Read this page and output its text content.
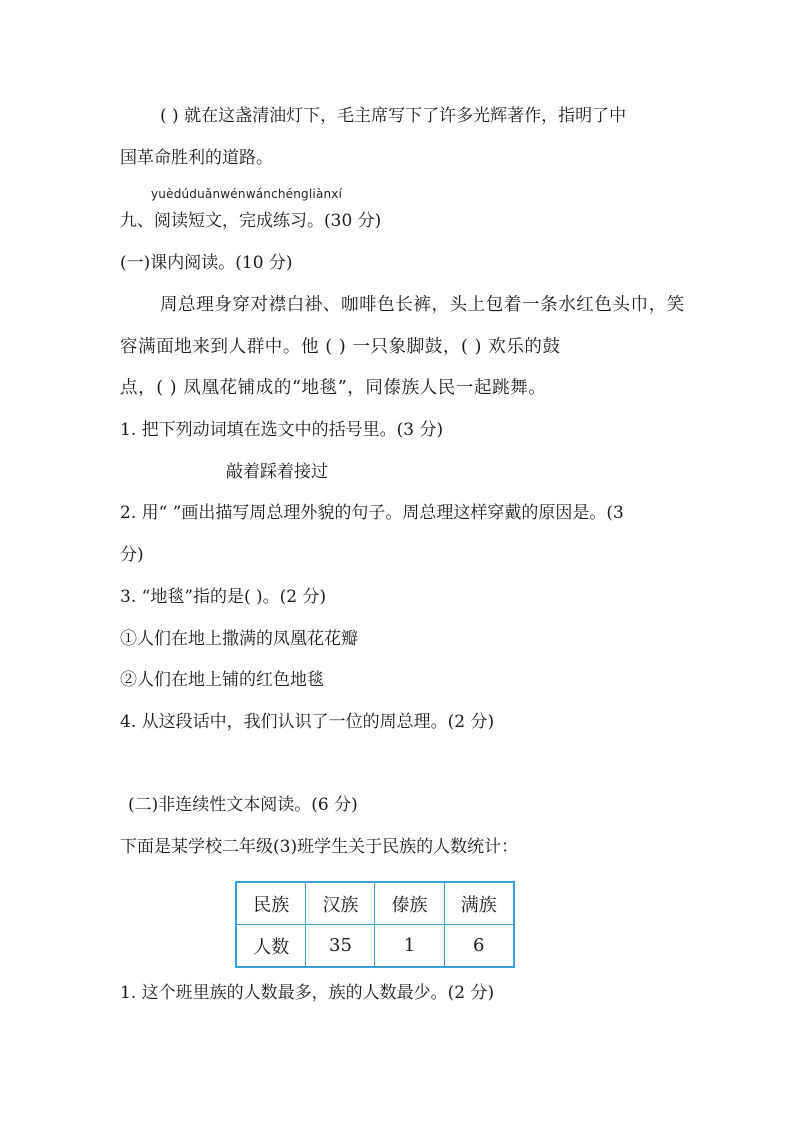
( ) 就在这盏清油灯下，毛主席写下了许多光辉著作，指明了中
国革命胜利的道路。
yuèdúduǎnwénwánchéngliànxí
九、阅读短文，完成练习。(30 分)
(一)课内阅读。(10 分)
周总理身穿对襟白褂、咖啡色长裤，头上包着一条水红色头巾，笑
容满面地来到人群中。他 ( ) 一只象脚鼓，( ) 欢乐的鼓
点，( ) 凤凰花铺成的“地毯”，同傣族人民一起跳舞。
1. 把下列动词填在选文中的括号里。(3 分)
敲着踩着接过
2. 用“ ”画出描写周总理外貌的句子。周总理这样穿戴的原因是。(3
分)
3. “地毯”指的是( )。(2 分)
①人们在地上撒满的凤凰花花瓣
②人们在地上铺的红色地毯
4. 从这段话中，我们认识了一位的周总理。(2 分)
(二)非连续性文本阅读。(6 分)
下面是某学校二年级(3)班学生关于民族的人数统计：
民族	汉族	傣族	满族
人数	35	1	6
1. 这个班里族的人数最多，族的人数最少。(2 分)
